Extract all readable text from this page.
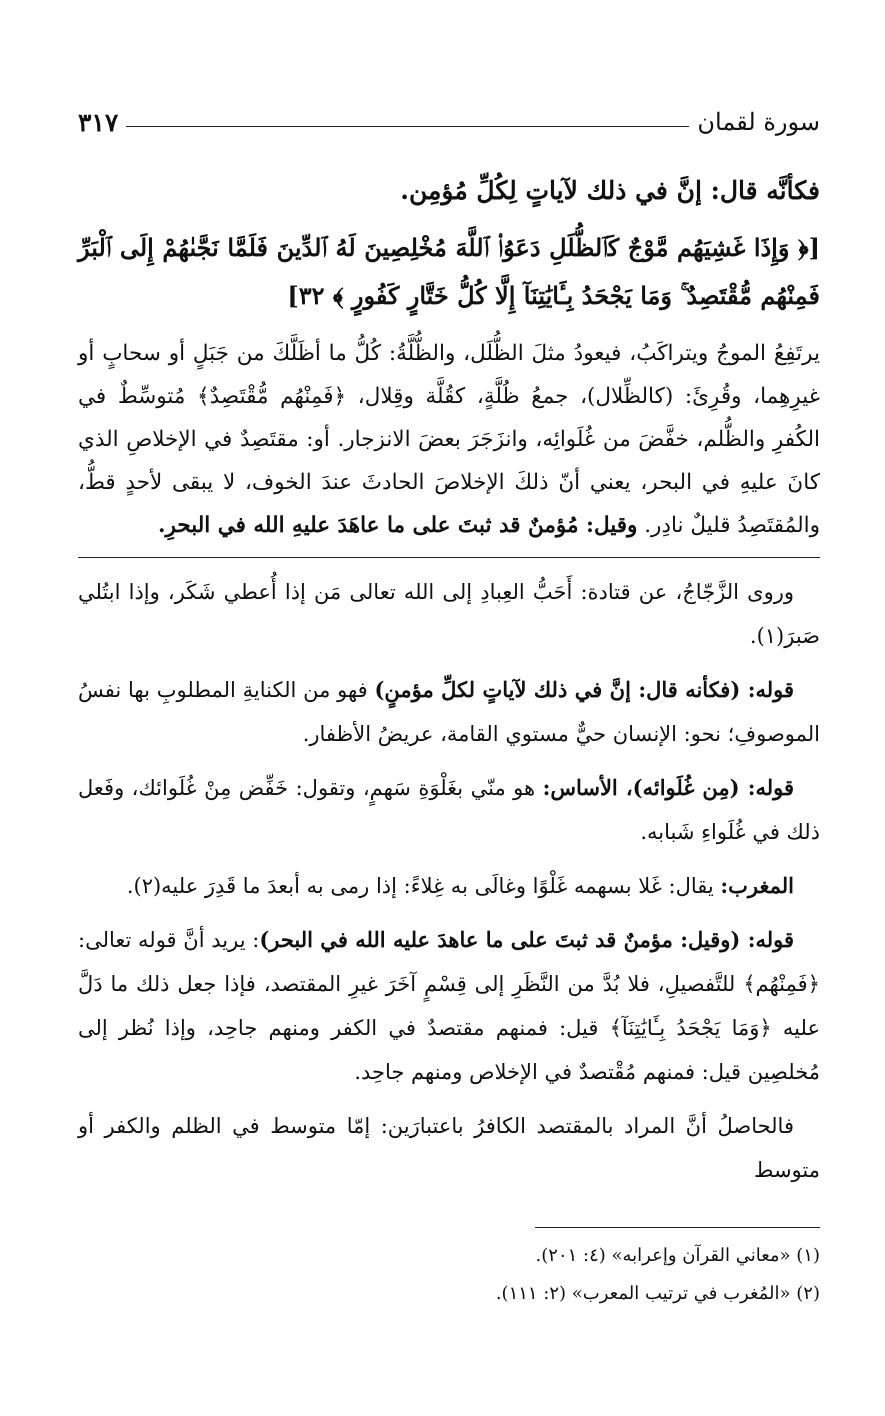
سورة لقمان
٣١٧

فكأنَّه قال: إنَّ في ذلك لآياتٍ لِكُلِّ مُؤمِن.

[﴿ وَإِذَا غَشِيَهُم مَّوْجٌ كَٱلظُّلَلِ دَعَوُا۟ ٱللَّهَ مُخْلِصِينَ لَهُ ٱلدِّينَ فَلَمَّا نَجَّىٰهُمْ إِلَى ٱلْبَرِّ فَمِنْهُم مُّقْتَصِدٌ ۚ وَمَا يَجْحَدُ بِـَٔايَٰتِنَآ إِلَّا كُلُّ خَتَّارٍ كَفُورٍ ﴾ ٣٢]

يرتَفِعُ الموجُ ويتراكَبُ، فيعودُ مثلَ الظُّلَل، والظُّلَّةُ: كُلُّ ما أظَلَّكَ من جَبَلٍ أو سحابٍ أو غيرِهِما، وقُرِئَ: (كالظِّلال)، جمعُ ظُلَّةٍ، كقُلَّة وقِلال، ﴿فَمِنْهُم مُّقْتَصِدٌ﴾ مُتوسِّطٌ في الكُفرِ والظُّلم، خفَّضَ من غُلَوائِه، وانزَجَرَ بعضَ الانزجار. أو: مقتَصِدٌ في الإخلاصِ الذي كانَ عليهِ في البحر، يعني أنّ ذلكَ الإخلاصَ الحادثَ عندَ الخوف، لا يبقى لأحدٍ قطُّ، والمُقتَصِدُ قليلٌ نادِر. وقيل: مُؤمنٌ قد ثبتَ على ما عاهَدَ عليهِ الله في البحرِ.

وروى الزَّجّاجُ، عن قتادة: أَحَبُّ العِبادِ إلى الله تعالى مَن إذا أُعطي شَكَر، وإذا ابتُلي صَبرَ(١).

قوله: (فكأنه قال: إنَّ في ذلك لآياتٍ لكلِّ مؤمنٍ) فهو من الكنايةِ المطلوبِ بها نفسُ الموصوفِ؛ نحو: الإنسان حيٌّ مستوي القامة، عريضُ الأظفار.

قوله: (مِن غُلَوائه)، الأساس: هو منّي بغَلْوَةِ سَهمٍ، وتقول: خَفِّض مِنْ غُلَوائك، وفَعل ذلك في غُلَواءِ شَبابه.

المغرب: يقال: غَلا بسهمه غَلْوًا وغالَى به غِلاءً: إذا رمى به أبعدَ ما قَدِرَ عليه(٢).

قوله: (وقيل: مؤمنٌ قد ثبتَ على ما عاهدَ عليه الله في البحر): يريد أنَّ قوله تعالى: ﴿فَمِنْهُم﴾ للتَّفصيلِ، فلا بُدَّ من النَّظَرِ إلى قِسْمٍ آخَرَ غيرِ المقتصد، فإذا جعل ذلك ما دَلَّ عليه ﴿وَمَا يَجْحَدُ بِـَٔايَٰتِنَآ﴾ قيل: فمنهم مقتصدٌ في الكفر ومنهم جاحِد، وإذا نُظر إلى مُخلصِين قيل: فمنهم مُقْتصدٌ في الإخلاص ومنهم جاحِد.

فالحاصلُ أنَّ المراد بالمقتصد الكافرُ باعتبارَين: إمّا متوسط في الظلم والكفر أو متوسط

(١) «معاني القرآن وإعرابه» (٤: ٢٠١).
(٢) «المُغرب في ترتيب المعرب» (٢: ١١١).
